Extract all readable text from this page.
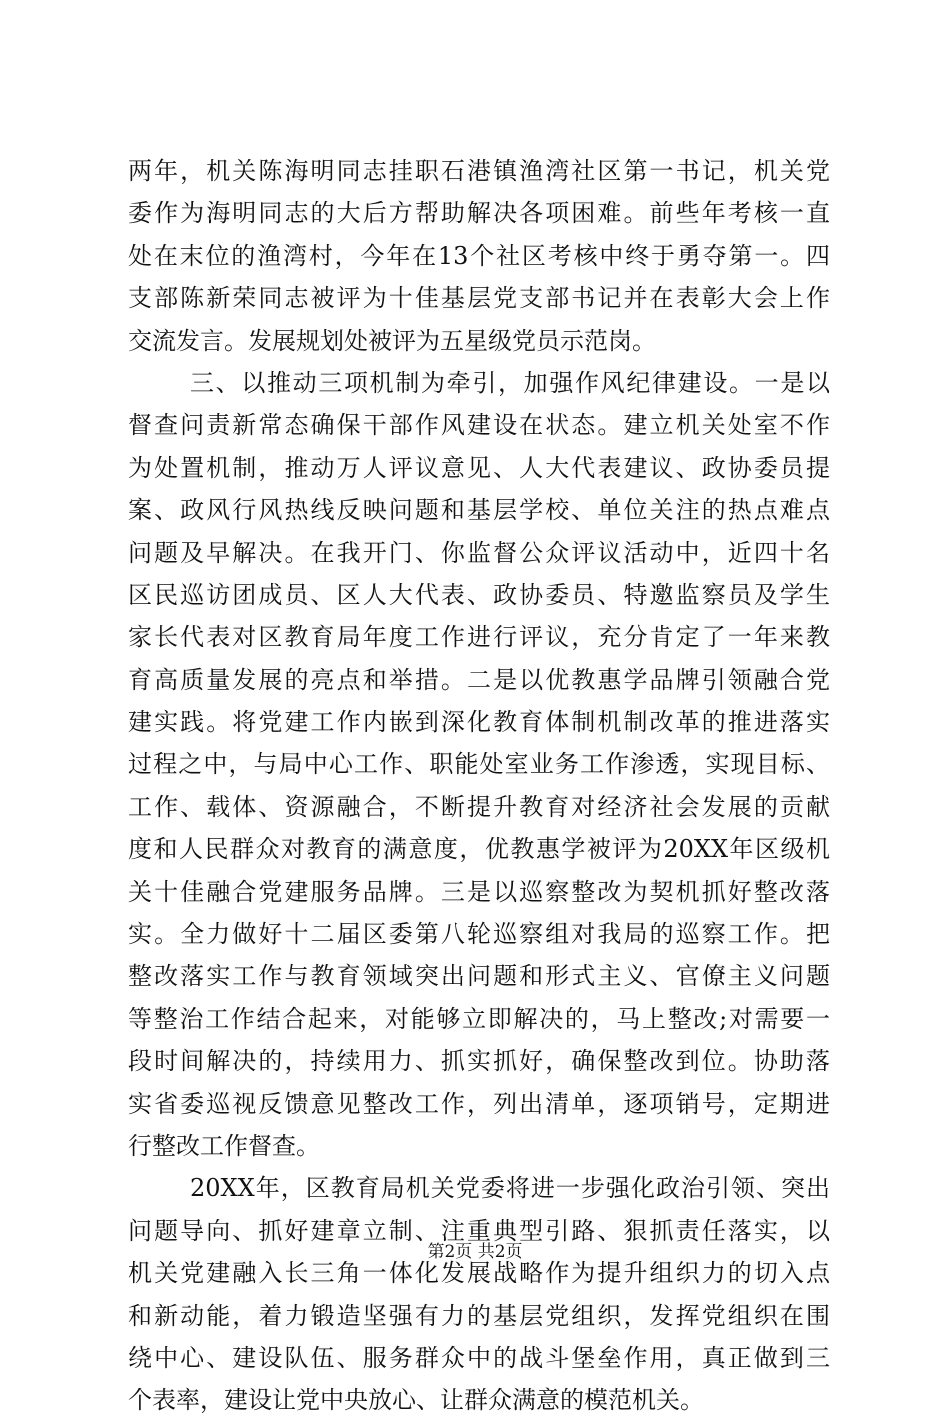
两年，机关陈海明同志挂职石港镇渔湾社区第一书记，机关党
委作为海明同志的大后方帮助解决各项困难。前些年考核一直
处在末位的渔湾村，今年在13个社区考核中终于勇夺第一。四
支部陈新荣同志被评为十佳基层党支部书记并在表彰大会上作
交流发言。发展规划处被评为五星级党员示范岗。
三、以推动三项机制为牵引，加强作风纪律建设。一是以
督查问责新常态确保干部作风建设在状态。建立机关处室不作
为处置机制，推动万人评议意见、人大代表建议、政协委员提
案、政风行风热线反映问题和基层学校、单位关注的热点难点
问题及早解决。在我开门、你监督公众评议活动中，近四十名
区民巡访团成员、区人大代表、政协委员、特邀监察员及学生
家长代表对区教育局年度工作进行评议，充分肯定了一年来教
育高质量发展的亮点和举措。二是以优教惠学品牌引领融合党
建实践。将党建工作内嵌到深化教育体制机制改革的推进落实
过程之中，与局中心工作、职能处室业务工作渗透，实现目标、
工作、载体、资源融合，不断提升教育对经济社会发展的贡献
度和人民群众对教育的满意度，优教惠学被评为20XX年区级机
关十佳融合党建服务品牌。三是以巡察整改为契机抓好整改落
实。全力做好十二届区委第八轮巡察组对我局的巡察工作。把
整改落实工作与教育领域突出问题和形式主义、官僚主义问题
等整治工作结合起来，对能够立即解决的，马上整改;对需要一
段时间解决的，持续用力、抓实抓好，确保整改到位。协助落
实省委巡视反馈意见整改工作，列出清单，逐项销号，定期进
行整改工作督查。
20XX年，区教育局机关党委将进一步强化政治引领、突出
问题导向、抓好建章立制、注重典型引路、狠抓责任落实，以
机关党建融入长三角一体化发展战略作为提升组织力的切入点
和新动能，着力锻造坚强有力的基层党组织，发挥党组织在围
绕中心、建设队伍、服务群众中的战斗堡垒作用，真正做到三
个表率，建设让党中央放心、让群众满意的模范机关。
第2页 共2页
